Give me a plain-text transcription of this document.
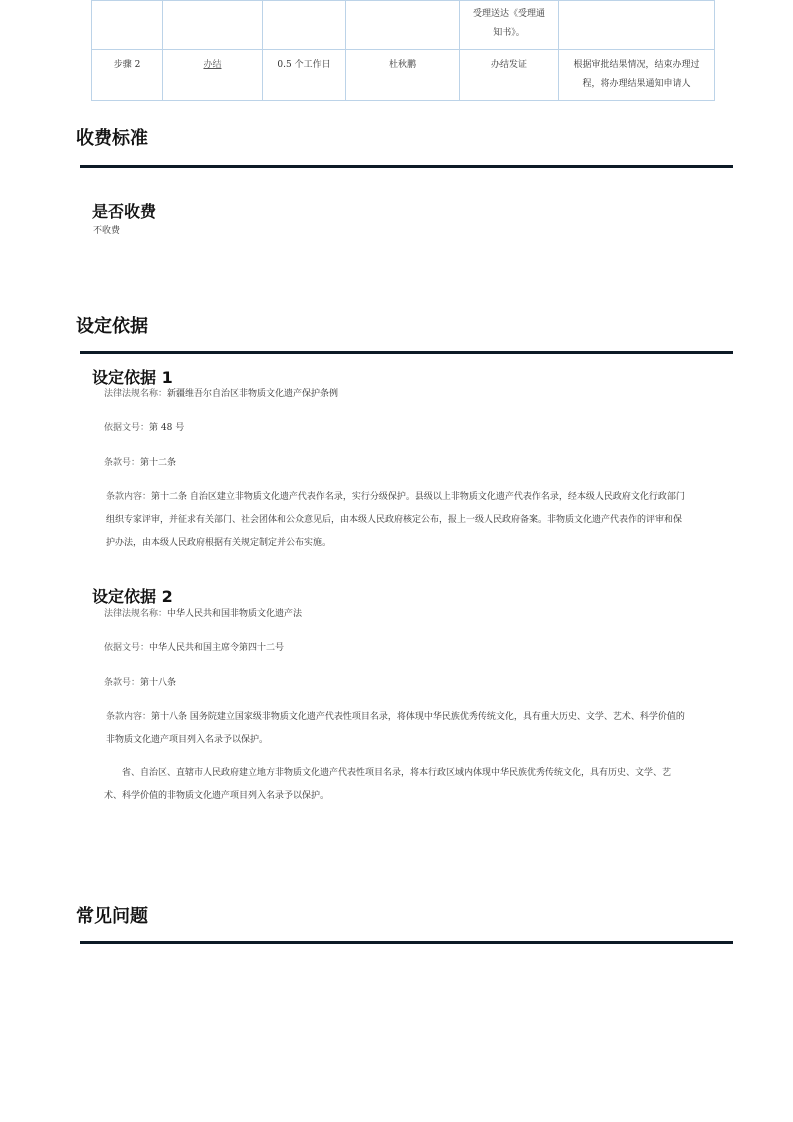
				受理送达《受理通知书》。	
步骤 2	办结	0.5 个工作日	杜秋鹏	办结发证	根据审批结果情况，结束办理过程，将办理结果通知申请人
收费标准
是否收费
不收费
设定依据
设定依据 1
法律法规名称：新疆维吾尔自治区非物质文化遗产保护条例
依据文号：第 48 号
条款号：第十二条
条款内容：第十二条 自治区建立非物质文化遗产代表作名录，实行分级保护。县级以上非物质文化遗产代表作名录，经本级人民政府文化行政部门组织专家评审，并征求有关部门、社会团体和公众意见后，由本级人民政府核定公布，报上一级人民政府备案。非物质文化遗产代表作的评审和保护办法，由本级人民政府根据有关规定制定并公布实施。
设定依据 2
法律法规名称：中华人民共和国非物质文化遗产法
依据文号：中华人民共和国主席令第四十二号
条款号：第十八条
条款内容：第十八条 国务院建立国家级非物质文化遗产代表性项目名录，将体现中华民族优秀传统文化，具有重大历史、文学、艺术、科学价值的非物质文化遗产项目列入名录予以保护。
省、自治区、直辖市人民政府建立地方非物质文化遗产代表性项目名录，将本行政区域内体现中华民族优秀传统文化，具有历史、文学、艺术、科学价值的非物质文化遗产项目列入名录予以保护。
常见问题
